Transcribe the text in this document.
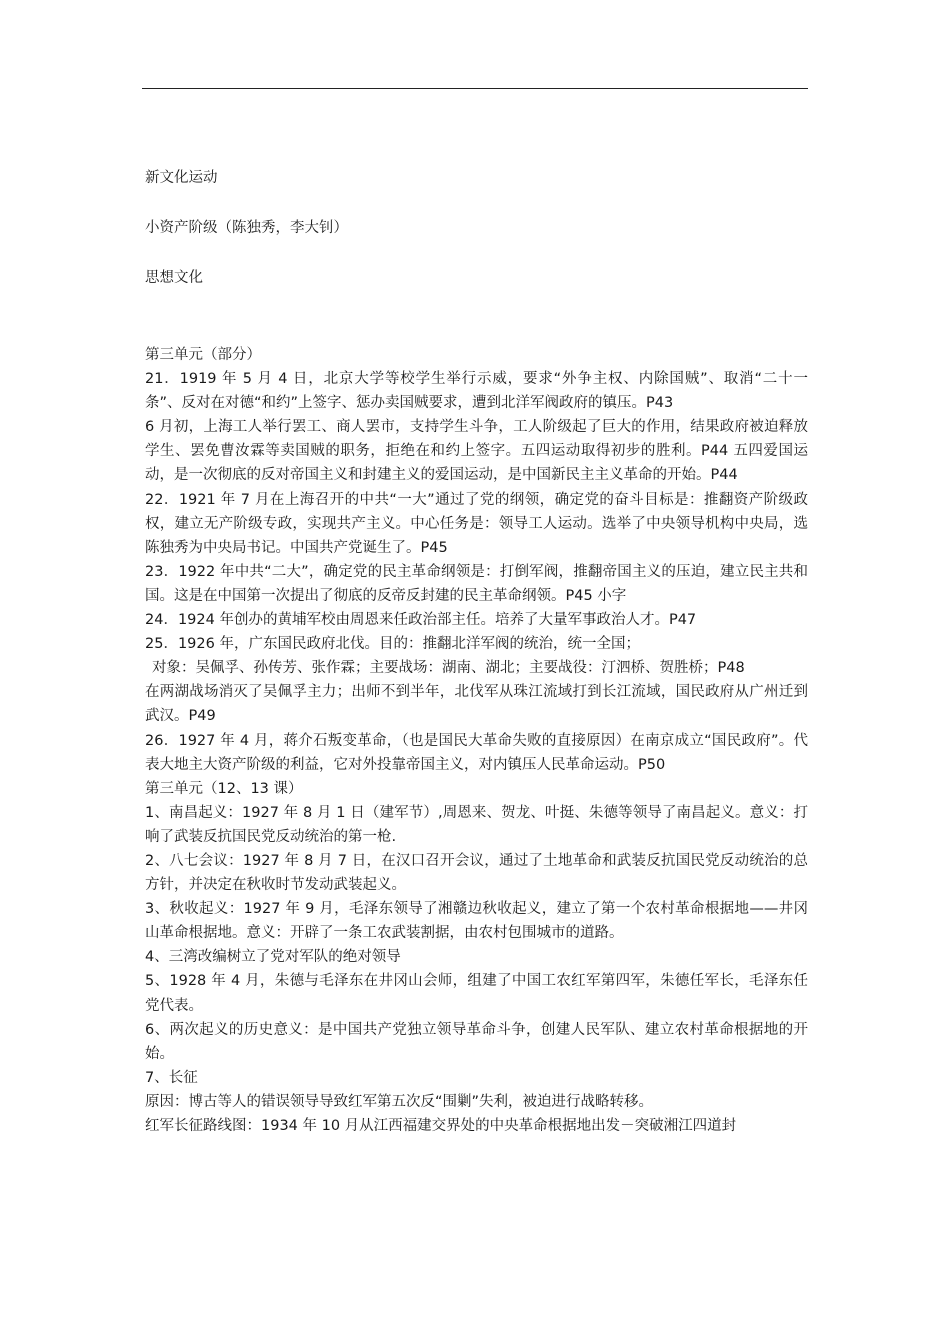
新文化运动
小资产阶级（陈独秀，李大钊）
思想文化

第三单元（部分）

21．1919 年 5 月 4 日，北京大学等校学生举行示威，要求“外争主权、内除国贼”、取消“二十一条”、反对在对德“和约”上签字、惩办卖国贼要求，遭到北洋军阀政府的镇压。P43

6 月初，上海工人举行罢工、商人罢市，支持学生斗争，工人阶级起了巨大的作用，结果政府被迫释放学生、罢免曹汝霖等卖国贼的职务，拒绝在和约上签字。五四运动取得初步的胜利。P44 五四爱国运动，是一次彻底的反对帝国主义和封建主义的爱国运动，是中国新民主主义革命的开始。P44

22．1921 年 7 月在上海召开的中共“一大”通过了党的纲领，确定党的奋斗目标是：推翻资产阶级政权，建立无产阶级专政，实现共产主义。中心任务是：领导工人运动。选举了中央领导机构中央局，选陈独秀为中央局书记。中国共产党诞生了。P45

23．1922 年中共“二大”，确定党的民主革命纲领是：打倒军阀，推翻帝国主义的压迫，建立民主共和国。这是在中国第一次提出了彻底的反帝反封建的民主革命纲领。P45 小字

24．1924 年创办的黄埔军校由周恩来任政治部主任。培养了大量军事政治人才。P47

25．1926 年，广东国民政府北伐。目的：推翻北洋军阀的统治，统一全国；

对象：吴佩孚、孙传芳、张作霖；主要战场：湖南、湖北；主要战役：汀泗桥、贺胜桥；P48

在两湖战场消灭了吴佩孚主力；出师不到半年，北伐军从珠江流域打到长江流域，国民政府从广州迁到武汉。P49

26．1927 年 4 月，蒋介石叛变革命，（也是国民大革命失败的直接原因）在南京成立“国民政府”。代表大地主大资产阶级的利益，它对外投靠帝国主义，对内镇压人民革命运动。P50

第三单元（12、13 课）

1、南昌起义：1927 年 8 月 1 日（建军节）,周恩来、贺龙、叶挺、朱德等领导了南昌起义。意义：打响了武装反抗国民党反动统治的第一枪.

2、八七会议：1927 年 8 月 7 日，在汉口召开会议，通过了土地革命和武装反抗国民党反动统治的总方针，并决定在秋收时节发动武装起义。

3、秋收起义：1927 年 9 月，毛泽东领导了湘赣边秋收起义，建立了第一个农村革命根据地——井冈山革命根据地。意义：开辟了一条工农武装割据，由农村包围城市的道路。

4、三湾改编树立了党对军队的绝对领导

5、1928 年 4 月，朱德与毛泽东在井冈山会师，组建了中国工农红军第四军，朱德任军长，毛泽东任党代表。

6、两次起义的历史意义：是中国共产党独立领导革命斗争，创建人民军队、建立农村革命根据地的开始。

7、长征

原因：博古等人的错误领导导致红军第五次反“围剿”失利，被迫进行战略转移。

红军长征路线图：1934 年 10 月从江西福建交界处的中央革命根据地出发－突破湘江四道封
